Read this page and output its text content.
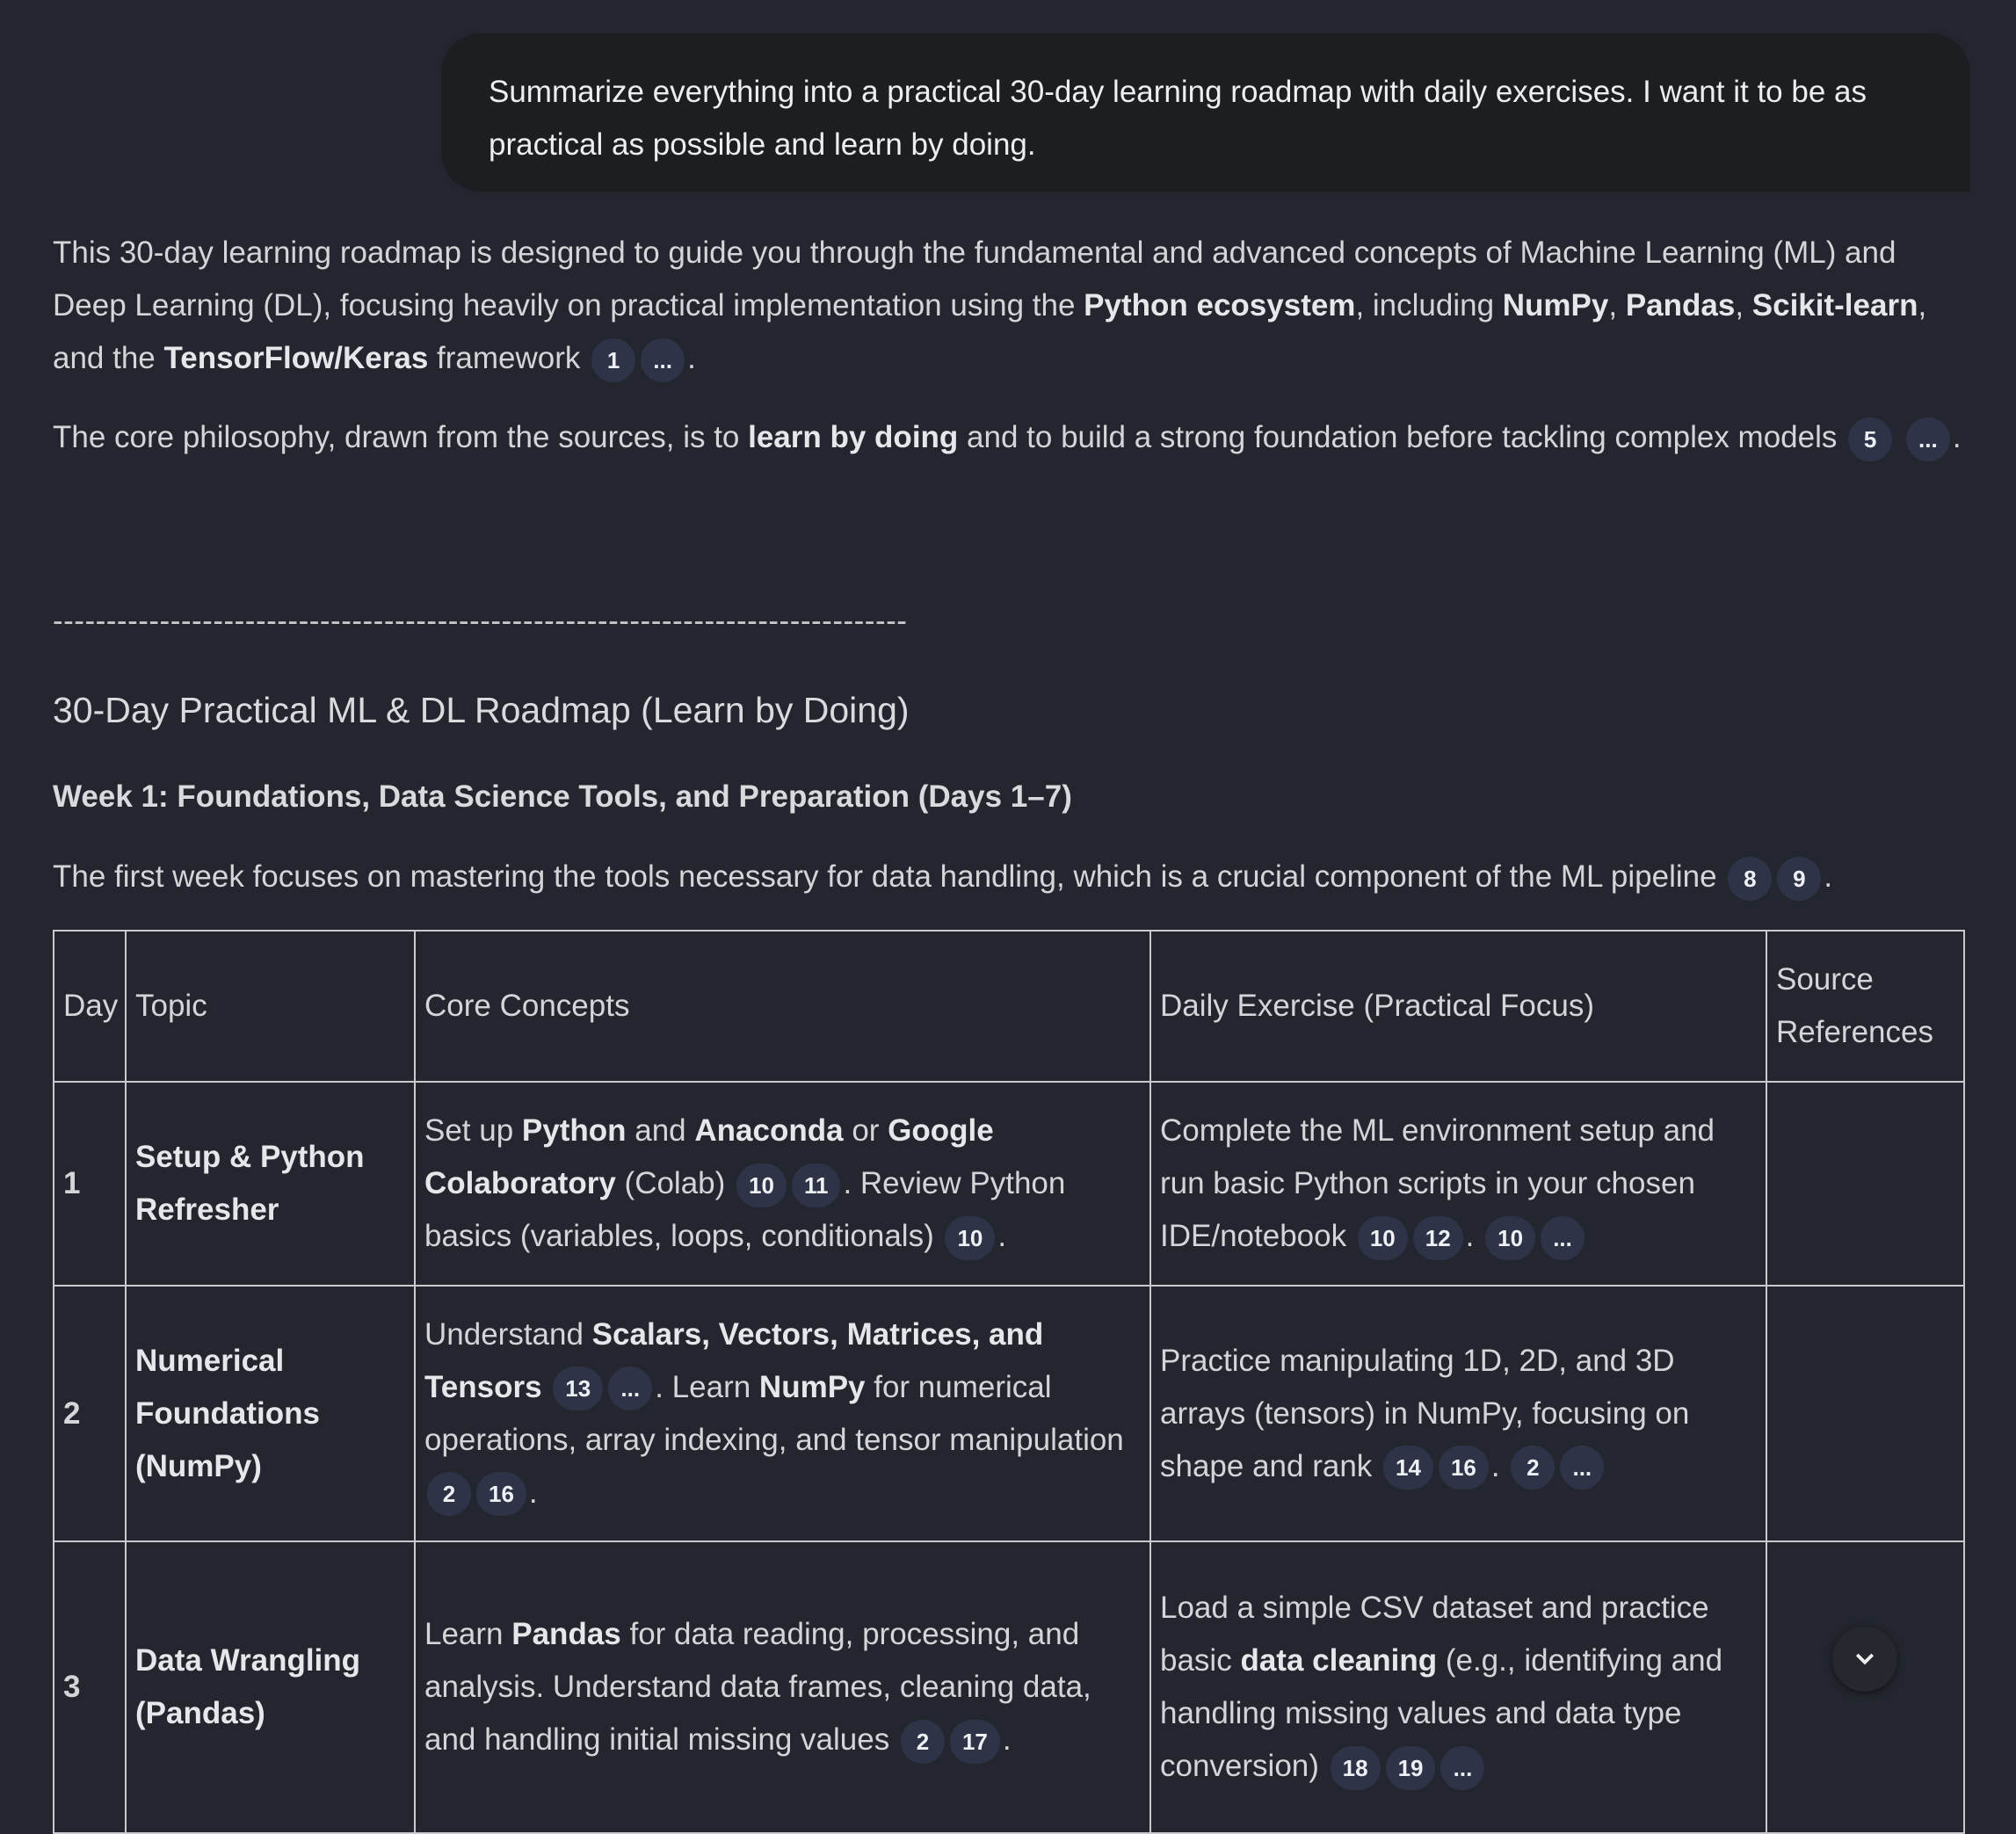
Summarize everything into a practical 30-day learning roadmap with daily exercises. I want it to be as practical as possible and learn by doing.

This 30-day learning roadmap is designed to guide you through the fundamental and advanced concepts of Machine Learning (ML) and Deep Learning (DL), focusing heavily on practical implementation using the Python ecosystem, including NumPy, Pandas, Scikit-learn, and the TensorFlow/Keras framework 1 ... .

The core philosophy, drawn from the sources, is to learn by doing and to build a strong foundation before tackling complex models 5 ... .

--------------------------------------------------------------------------------
30-Day Practical ML & DL Roadmap (Learn by Doing)
Week 1: Foundations, Data Science Tools, and Preparation (Days 1–7)

The first week focuses on mastering the tools necessary for data handling, which is a crucial component of the ML pipeline 8 9 .

Day	Topic	Core Concepts	Daily Exercise (Practical Focus)	Source References
1	Setup & Python Refresher	Set up Python and Anaconda or Google Colaboratory (Colab) 10 11 . Review Python basics (variables, loops, conditionals) 10 .	Complete the ML environment setup and run basic Python scripts in your chosen IDE/notebook 10 12 . 10 ...	
2	Numerical Foundations (NumPy)	Understand Scalars, Vectors, Matrices, and Tensors 13 ... . Learn NumPy for numerical operations, array indexing, and tensor manipulation 2 16 .	Practice manipulating 1D, 2D, and 3D arrays (tensors) in NumPy, focusing on shape and rank 14 16 . 2 ...	
3	Data Wrangling (Pandas)	Learn Pandas for data reading, processing, and analysis. Understand data frames, cleaning data, and handling initial missing values 2 17 .	Load a simple CSV dataset and practice basic data cleaning (e.g., identifying and handling missing values and data type conversion) 18 19 ...	
